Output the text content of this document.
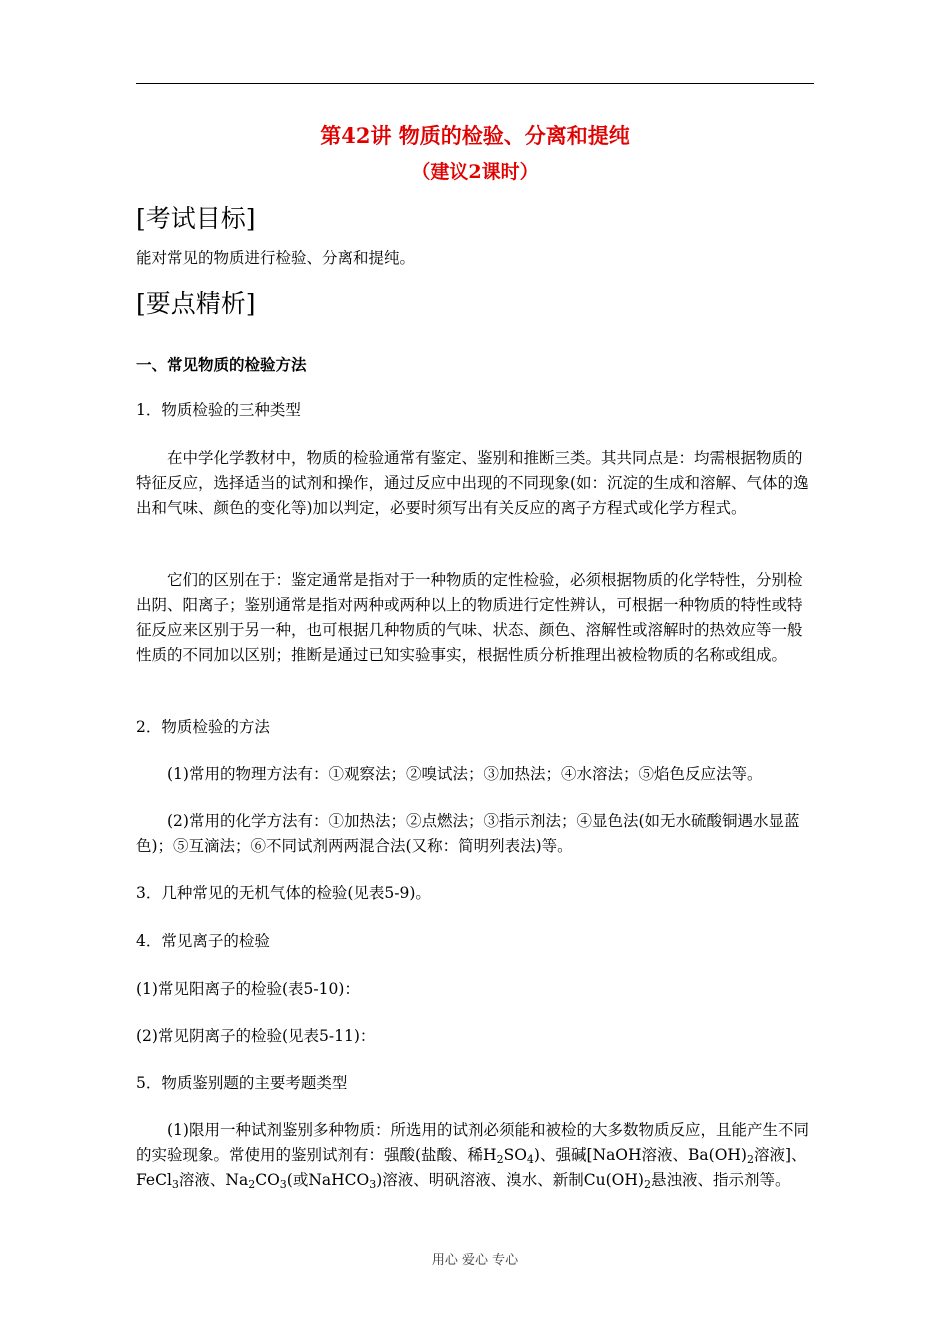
第42讲 物质的检验、分离和提纯
（建议2课时）
[考试目标]
能对常见的物质进行检验、分离和提纯。
[要点精析]
一、常见物质的检验方法
1．物质检验的三种类型
在中学化学教材中，物质的检验通常有鉴定、鉴别和推断三类。其共同点是：均需根据物质的特征反应，选择适当的试剂和操作，通过反应中出现的不同现象(如：沉淀的生成和溶解、气体的逸出和气味、颜色的变化等)加以判定，必要时须写出有关反应的离子方程式或化学方程式。
它们的区别在于：鉴定通常是指对于一种物质的定性检验，必须根据物质的化学特性，分别检出阴、阳离子；鉴别通常是指对两种或两种以上的物质进行定性辨认，可根据一种物质的特性或特征反应来区别于另一种，也可根据几种物质的气味、状态、颜色、溶解性或溶解时的热效应等一般性质的不同加以区别；推断是通过已知实验事实，根据性质分析推理出被检物质的名称或组成。
2．物质检验的方法
(1)常用的物理方法有：①观察法；②嗅试法；③加热法；④水溶法；⑤焰色反应法等。
(2)常用的化学方法有：①加热法；②点燃法；③指示剂法；④显色法(如无水硫酸铜遇水显蓝色)；⑤互滴法；⑥不同试剂两两混合法(又称：简明列表法)等。
3．几种常见的无机气体的检验(见表5-9)。
4．常见离子的检验
(1)常见阳离子的检验(表5-10)：
(2)常见阴离子的检验(见表5-11)：
5．物质鉴别题的主要考题类型
(1)限用一种试剂鉴别多种物质：所选用的试剂必须能和被检的大多数物质反应，且能产生不同的实验现象。常使用的鉴别试剂有：强酸(盐酸、稀$H_2SO_4$)、强碱[NaOH溶液、$Ba(OH)_2$溶液]、FeCl$_3$溶液、$Na_2CO_3$(或NaHCO$_3$)溶液、明矾溶液、溴水、新制$Cu(OH)_2$悬浊液、指示剂等。
用心 爱心 专心
